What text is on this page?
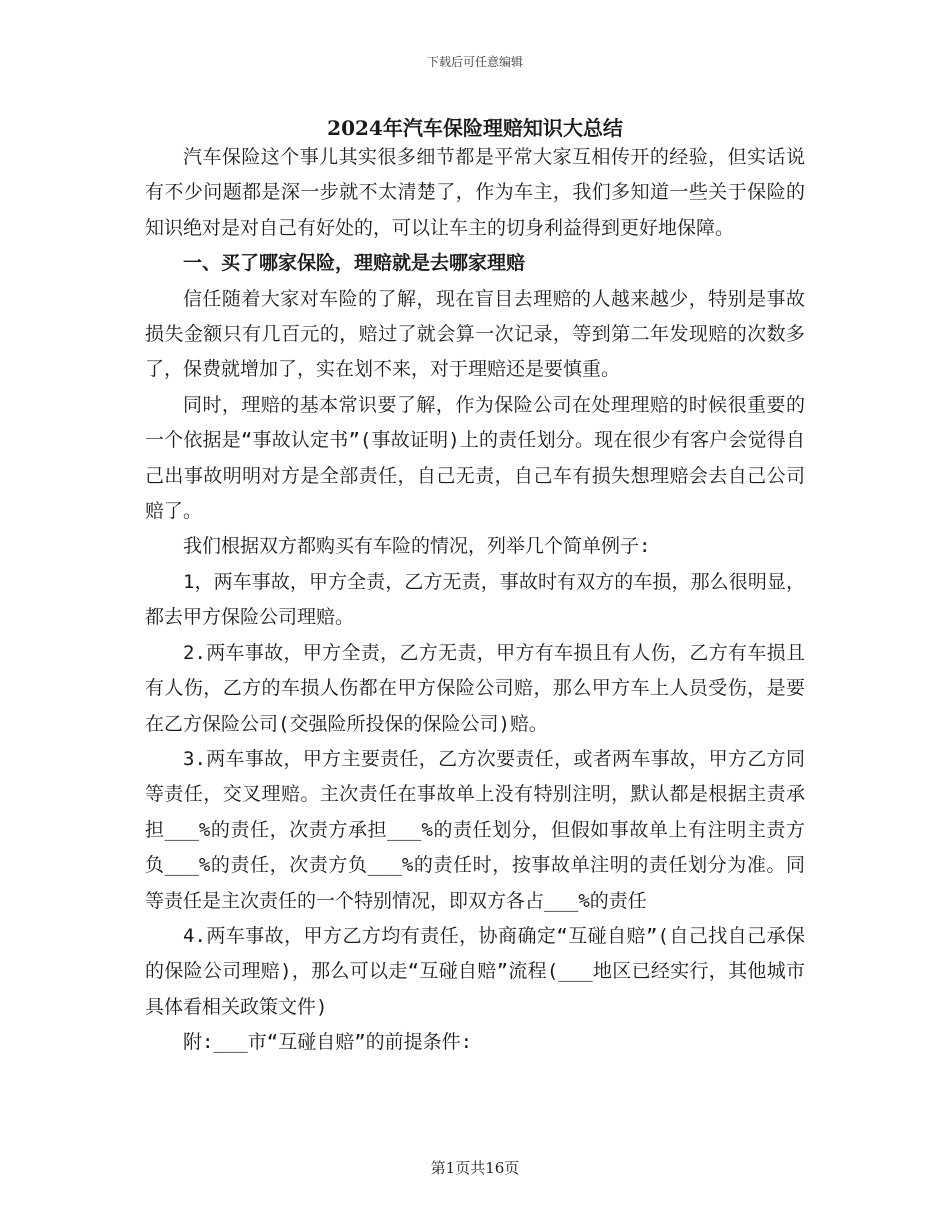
下载后可任意编辑
2024年汽车保险理赔知识大总结

汽车保险这个事儿其实很多细节都是平常大家互相传开的经验，但实话说有不少问题都是深一步就不太清楚了，作为车主，我们多知道一些关于保险的知识绝对是对自己有好处的，可以让车主的切身利益得到更好地保障。

一、买了哪家保险，理赔就是去哪家理赔

信任随着大家对车险的了解，现在盲目去理赔的人越来越少，特别是事故损失金额只有几百元的，赔过了就会算一次记录，等到第二年发现赔的次数多了，保费就增加了，实在划不来，对于理赔还是要慎重。

同时，理赔的基本常识要了解，作为保险公司在处理理赔的时候很重要的一个依据是“事故认定书”(事故证明)上的责任划分。现在很少有客户会觉得自己出事故明明对方是全部责任，自己无责，自己车有损失想理赔会去自己公司赔了。

我们根据双方都购买有车险的情况，列举几个简单例子:

1，两车事故，甲方全责，乙方无责，事故时有双方的车损，那么很明显，都去甲方保险公司理赔。

2.两车事故，甲方全责，乙方无责，甲方有车损且有人伤，乙方有车损且有人伤，乙方的车损人伤都在甲方保险公司赔，那么甲方车上人员受伤，是要在乙方保险公司(交强险所投保的保险公司)赔。

3.两车事故，甲方主要责任，乙方次要责任，或者两车事故，甲方乙方同等责任，交叉理赔。主次责任在事故单上没有特别注明，默认都是根据主责承担___%的责任，次责方承担___%的责任划分，但假如事故单上有注明主责方负___%的责任，次责方负___%的责任时，按事故单注明的责任划分为准。同等责任是主次责任的一个特别情况，即双方各占___%的责任

4.两车事故，甲方乙方均有责任，协商确定“互碰自赔”(自己找自己承保的保险公司理赔)，那么可以走“互碰自赔”流程(___地区已经实行，其他城市具体看相关政策文件)

附:___市“互碰自赔”的前提条件:

第1页共16页
